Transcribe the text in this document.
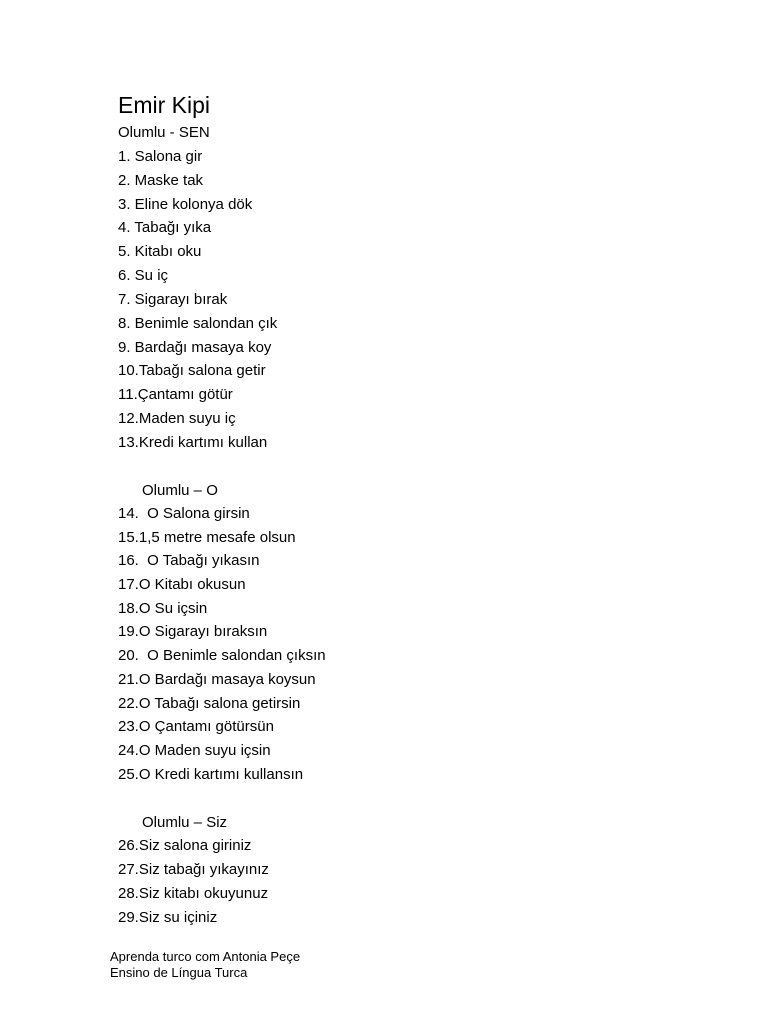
Emir Kipi
Olumlu - SEN
1. Salona gir
2. Maske tak
3. Eline kolonya dök
4. Tabağı yıka
5. Kitabı oku
6. Su iç
7. Sigarayı bırak
8. Benimle salondan çık
9. Bardağı masaya koy
10.Tabağı salona getir
11.Çantamı götür
12.Maden suyu iç
13.Kredi kartımı kullan
Olumlu – O
14.  O Salona girsin
15.1,5 metre mesafe olsun
16.  O Tabağı yıkasın
17.O Kitabı okusun
18.O Su içsin
19.O Sigarayı bıraksın
20.  O Benimle salondan çıksın
21.O Bardağı masaya koysun
22.O Tabağı salona getirsin
23.O Çantamı götürsün
24.O Maden suyu içsin
25.O Kredi kartımı kullansın
Olumlu – Siz
26.Siz salona giriniz
27.Siz tabağı yıkayınız
28.Siz kitabı okuyunuz
29.Siz su içiniz
Aprenda turco com Antonia Peçe
Ensino de Língua Turca
